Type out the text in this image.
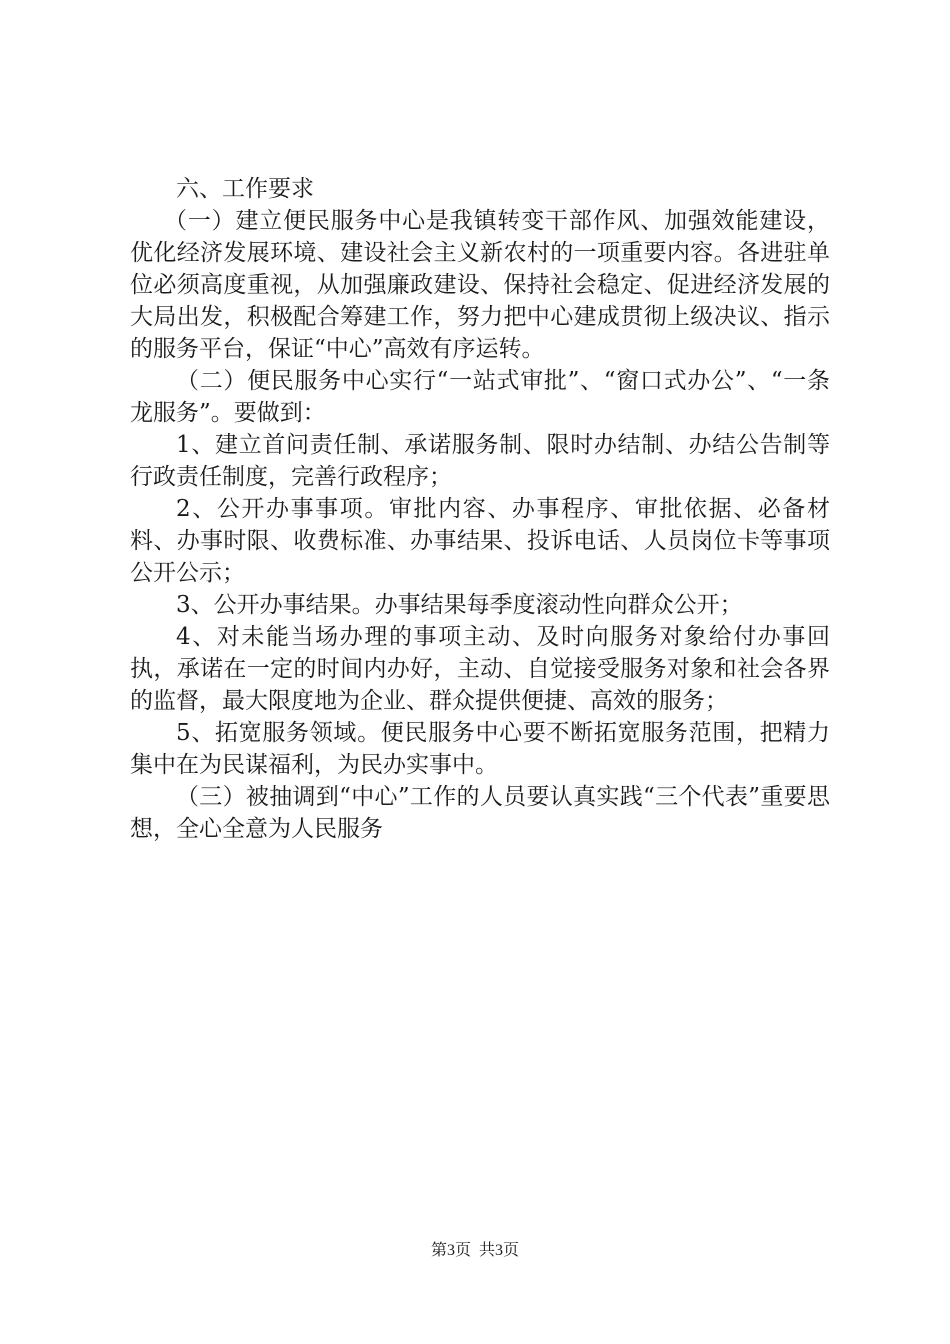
六、工作要求

（一）建立便民服务中心是我镇转变干部作风、加强效能建设，优化经济发展环境、建设社会主义新农村的一项重要内容。各进驻单位必须高度重视，从加强廉政建设、保持社会稳定、促进经济发展的大局出发，积极配合筹建工作，努力把中心建成贯彻上级决议、指示的服务平台，保证“中心”高效有序运转。

（二）便民服务中心实行“一站式审批”、“窗口式办公”、“一条龙服务”。要做到：

1、建立首问责任制、承诺服务制、限时办结制、办结公告制等行政责任制度，完善行政程序；

2、公开办事事项。审批内容、办事程序、审批依据、必备材料、办事时限、收费标准、办事结果、投诉电话、人员岗位卡等事项公开公示；

3、公开办事结果。办事结果每季度滚动性向群众公开；

4、对未能当场办理的事项主动、及时向服务对象给付办事回执，承诺在一定的时间内办好，主动、自觉接受服务对象和社会各界的监督，最大限度地为企业、群众提供便捷、高效的服务；

5、拓宽服务领域。便民服务中心要不断拓宽服务范围，把精力集中在为民谋福利，为民办实事中。

（三）被抽调到“中心”工作的人员要认真实践“三个代表”重要思想，全心全意为人民服务

第3页  共3页
